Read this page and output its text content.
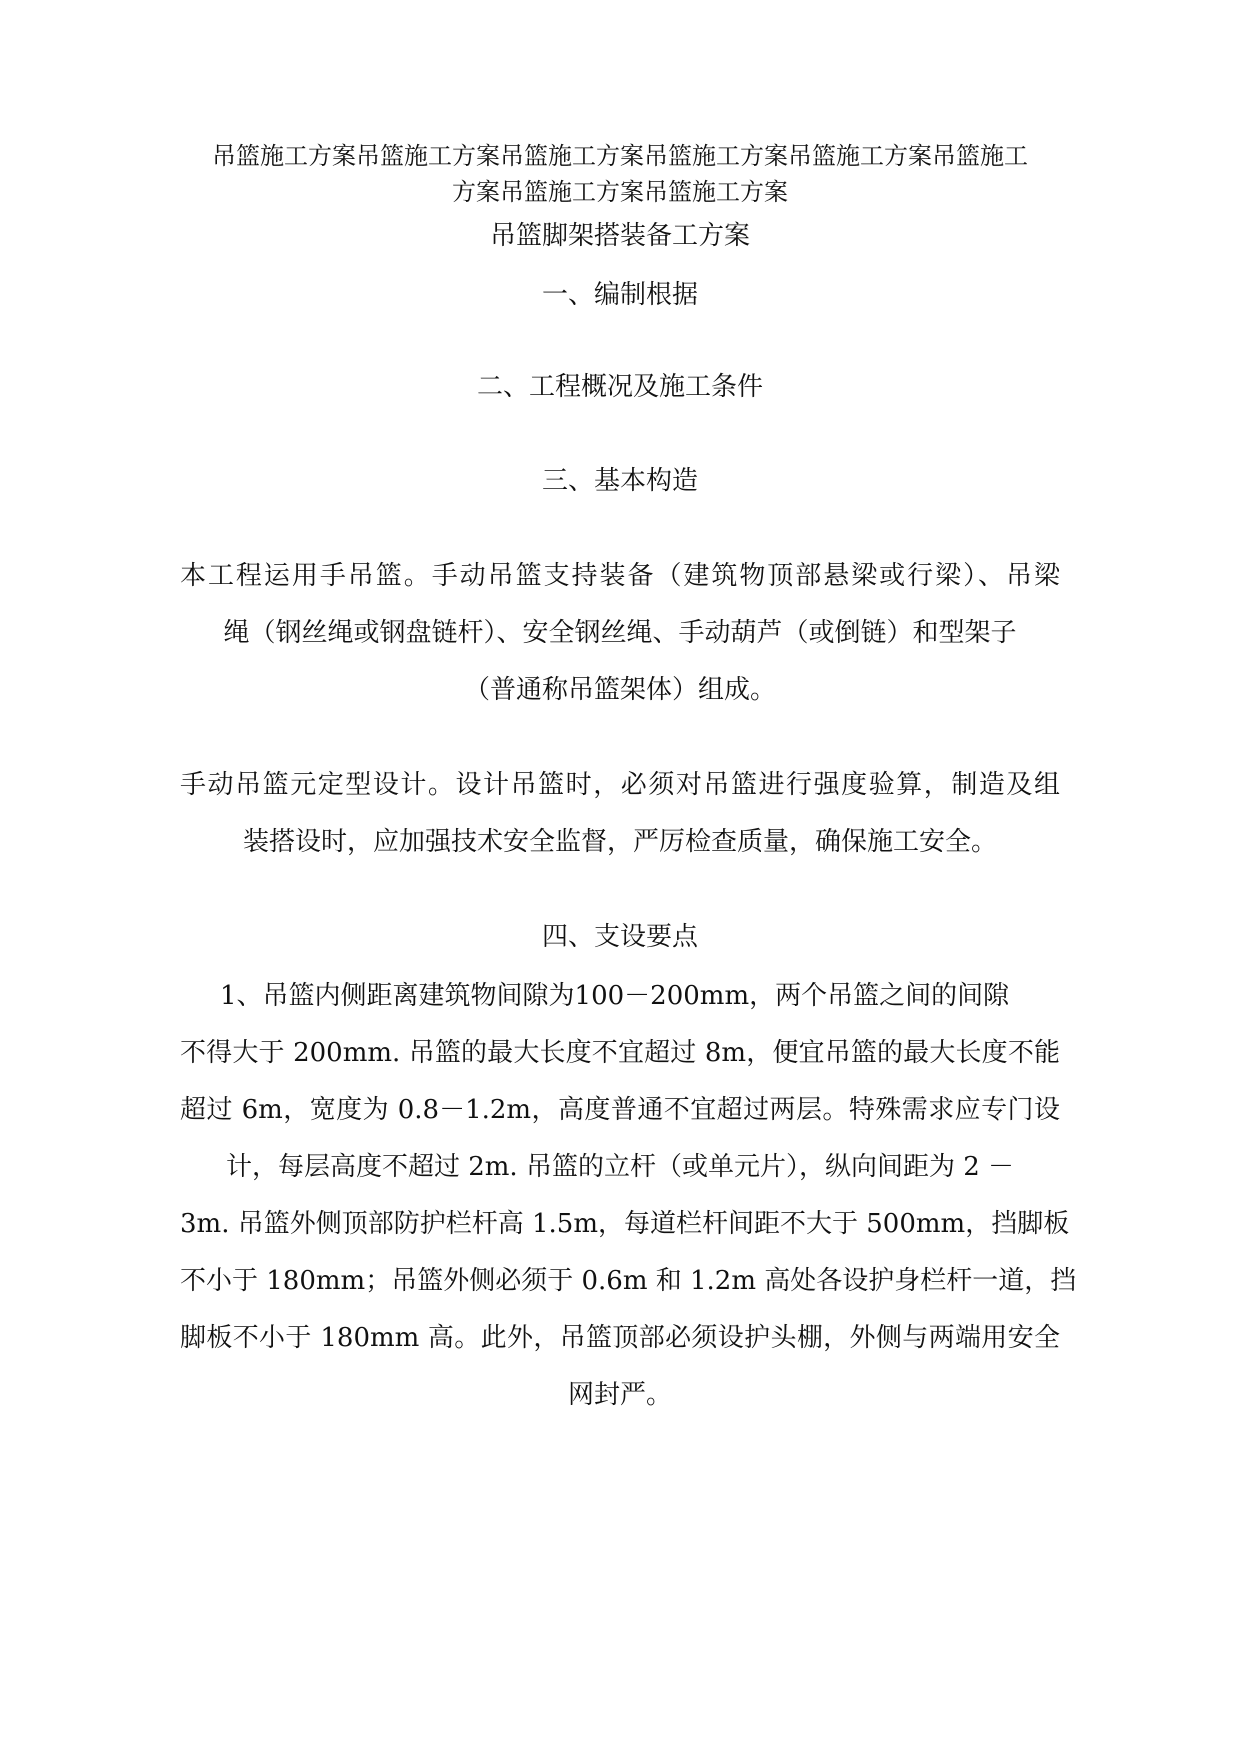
吊篮施工方案吊篮施工方案吊篮施工方案吊篮施工方案吊篮施工方案吊篮施工
方案吊篮施工方案吊篮施工方案
吊篮脚架搭装备工方案
一、编制根据
二、工程概况及施工条件
三、基本构造
本工程运用手吊篮。手动吊篮支持装备（建筑物顶部悬梁或行梁）、吊梁
绳（钢丝绳或钢盘链杆）、安全钢丝绳、手动葫芦（或倒链）和型架子
（普通称吊篮架体）组成。
手动吊篮元定型设计。设计吊篮时，必须对吊篮进行强度验算，制造及组
装搭设时，应加强技术安全监督，严厉检查质量，确保施工安全。
四、支设要点
1、吊篮内侧距离建筑物间隙为100－200mm，两个吊篮之间的间隙
不得大于 200mm. 吊篮的最大长度不宜超过 8m，便宜吊篮的最大长度不能
超过 6m，宽度为 0.8－1.2m，高度普通不宜超过两层。特殊需求应专门设
计，每层高度不超过 2m. 吊篮的立杆（或单元片），纵向间距为 2 －
3m. 吊篮外侧顶部防护栏杆高 1.5m，每道栏杆间距不大于 500mm，挡脚板
不小于 180mm；吊篮外侧必须于 0.6m 和 1.2m 高处各设护身栏杆一道，挡
脚板不小于 180mm 高。此外，吊篮顶部必须设护头棚，外侧与两端用安全
网封严。
